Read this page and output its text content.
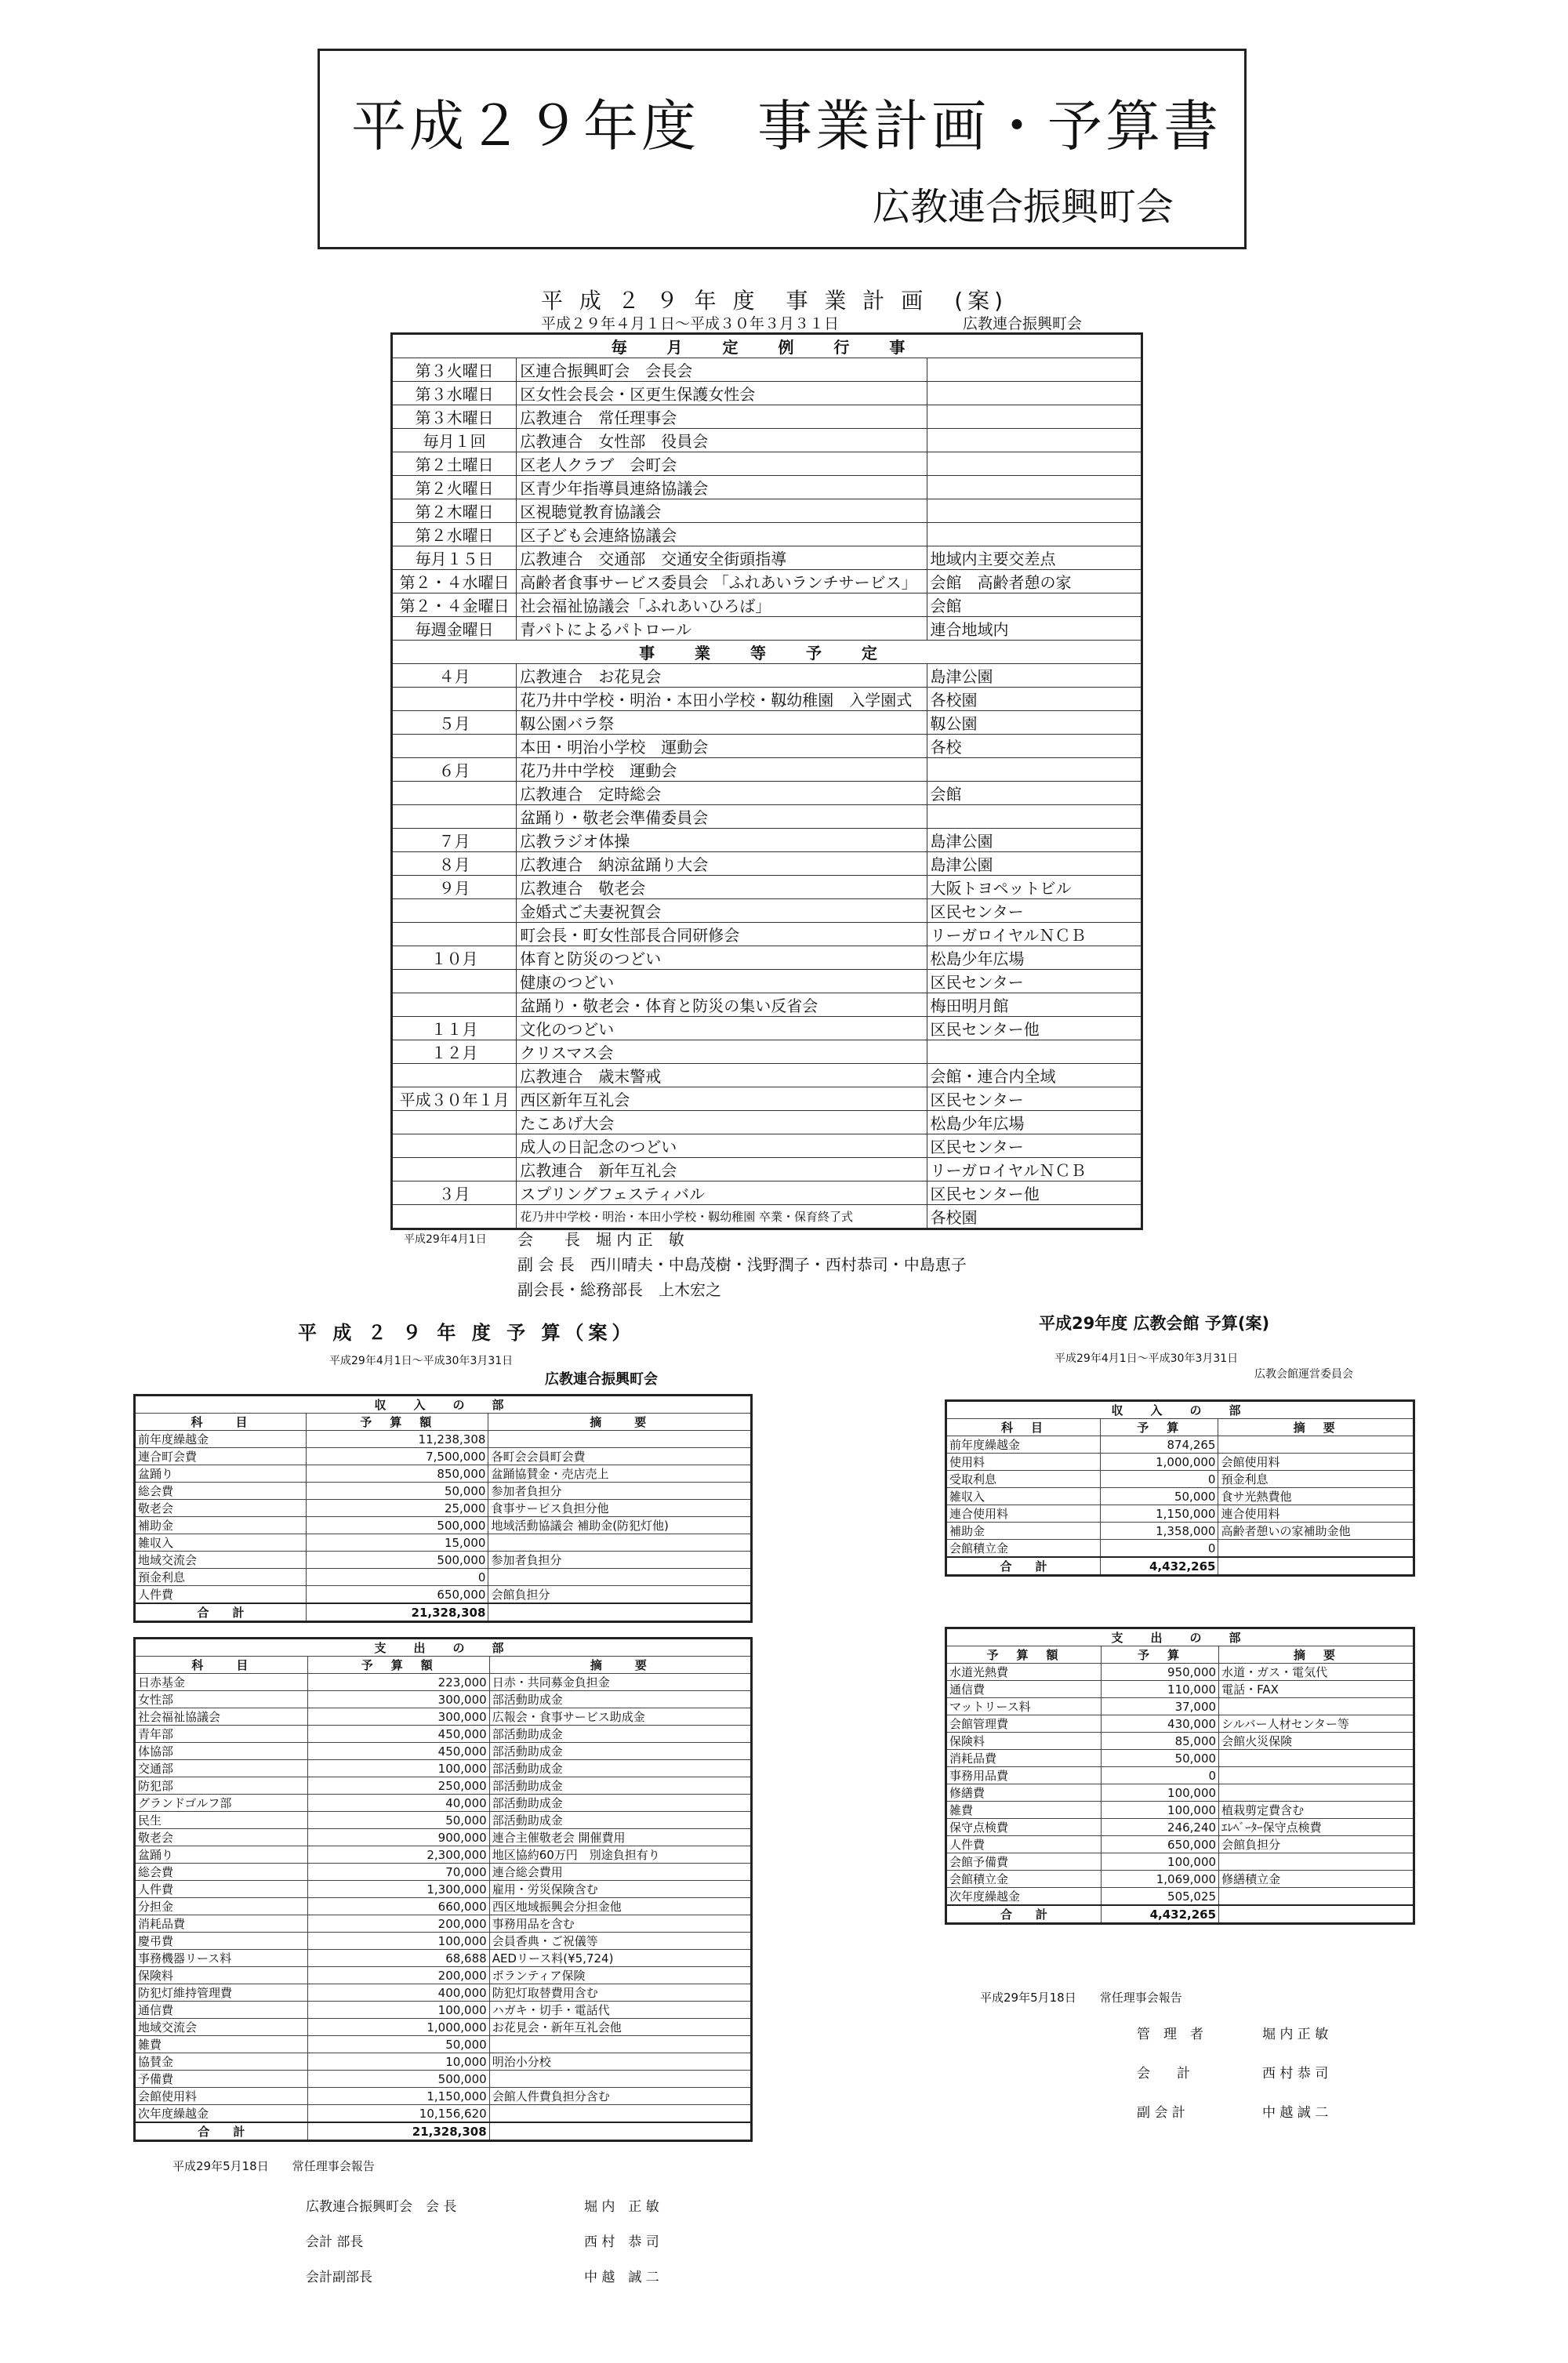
平成２９年度　事業計画・予算書
広教連合振興町会
平 成 ２ ９ 年 度　事 業 計 画　(案)
平成２９年４月１日～平成３０年３月３１日	広教連合振興町会
毎 月 定 例 行 事		
第３火曜日	区連合振興町会　会長会	
第３水曜日	区女性会長会・区更生保護女性会	
第３木曜日	広教連合　常任理事会	
毎月１回	広教連合　女性部　役員会	
第２土曜日	区老人クラブ　会町会	
第２火曜日	区青少年指導員連絡協議会	
第２木曜日	区視聴覚教育協議会	
第２水曜日	区子ども会連絡協議会	
毎月１５日	広教連合　交通部　交通安全街頭指導	地域内主要交差点
第２・４水曜日	高齢者食事サービス委員会 「ふれあいランチサービス」	会館　高齢者憩の家
第２・４金曜日	社会福祉協議会「ふれあいひろば」	会館
毎週金曜日	青パトによるパトロール	連合地域内
事 業 等 予 定		
４月	広教連合　お花見会	島津公園
	花乃井中学校・明治・本田小学校・靱幼稚園　入学園式	各校園
５月	靱公園バラ祭	靱公園
	本田・明治小学校　運動会	各校
６月	花乃井中学校　運動会	
	広教連合　定時総会	会館
	盆踊り・敬老会準備委員会	
７月	広教ラジオ体操	島津公園
８月	広教連合　納涼盆踊り大会	島津公園
９月	広教連合　敬老会	大阪トヨペットビル
	金婚式ご夫妻祝賀会	区民センター
	町会長・町女性部長合同研修会	リーガロイヤルＮＣＢ
１０月	体育と防災のつどい	松島少年広場
	健康のつどい	区民センター
	盆踊り・敬老会・体育と防災の集い反省会	梅田明月館
１１月	文化のつどい	区民センター他
１２月	クリスマス会	
	広教連合　歳末警戒	会館・連合内全域
平成３０年１月	西区新年互礼会	区民センター
	たこあげ大会	松島少年広場
	成人の日記念のつどい	区民センター
	広教連合　新年互礼会	リーガロイヤルＮＣＢ
３月	スプリングフェスティバル	区民センター他
	花乃井中学校・明治・本田小学校・靱幼稚園 卒業・保育終了式	各校園
平成29年4月1日 会　　長　堀 内 正　敏
副 会 長　西川晴夫・中島茂樹・浅野潤子・西村恭司・中島恵子
副会長・総務部長　上木宏之
平 成 ２ ９ 年 度 予 算（案）
平成29年4月1日～平成30年3月31日
広教連合振興町会
収　入　の　部		
科　　目	予　算　額	摘　　要
前年度繰越金	11,238,308	
連合町会費	7,500,000	各町会会員町会費
盆踊り	850,000	盆踊協賛金・売店売上
総会費	50,000	参加者負担分
敬老会	25,000	食事サービス負担分他
補助金	500,000	地域活動協議会 補助金(防犯灯他)
雑収入	15,000	
地域交流会	500,000	参加者負担分
預金利息	0	
人件費	650,000	会館負担分
合　　計	21,328,308	
支　出　の　部		
科　　目	予　算　額	摘　　要
日赤基金	223,000	日赤・共同募金負担金
女性部	300,000	部活動助成金
社会福祉協議会	300,000	広報会・食事サービス助成金
青年部	450,000	部活動助成金
体協部	450,000	部活動助成金
交通部	100,000	部活動助成金
防犯部	250,000	部活動助成金
グランドゴルフ部	40,000	部活動助成金
民生	50,000	部活動助成金
敬老会	900,000	連合主催敬老会 開催費用
盆踊り	2,300,000	地区協約60万円　別途負担有り
総会費	70,000	連合総会費用
人件費	1,300,000	雇用・労災保険含む
分担金	660,000	西区地域振興会分担金他
消耗品費	200,000	事務用品を含む
慶弔費	100,000	会員香典・ご祝儀等
事務機器リース料	68,688	AEDリース料(¥5,724)
保険料	200,000	ボランティア保険
防犯灯維持管理費	400,000	防犯灯取替費用含む
通信費	100,000	ハガキ・切手・電話代
地域交流会	1,000,000	お花見会・新年互礼会他
雑費	50,000	
協賛金	10,000	明治小分校
予備費	500,000	
会館使用料	1,150,000	会館人件費負担分含む
次年度繰越金	10,156,620	
合　　計	21,328,308	
平成29年5月18日　　常任理事会報告
広教連合振興町会　会 長	堀 内　正 敏
会計 部長	西 村　恭 司
会計副部長	中 越　誠 二
平成29年度 広教会館 予算(案)
平成29年4月1日～平成30年3月31日
広教会館運営委員会
収　入　の　部		
科　目	予　算	摘　要
前年度繰越金	874,265	
使用料	1,000,000	会館使用料
受取利息	0	預金利息
雑収入	50,000	食サ光熱費他
連合使用料	1,150,000	連合使用料
補助金	1,358,000	高齢者憩いの家補助金他
会館積立金	0	
合　　計	4,432,265	
支　出　の　部		
予　算　額	予　算	摘　要
水道光熱費	950,000	水道・ガス・電気代
通信費	110,000	電話・FAX
マットリース料	37,000	
会館管理費	430,000	シルバー人材センター等
保険料	85,000	会館火災保険
消耗品費	50,000	
事務用品費	0	
修繕費	100,000	
雑費	100,000	植栽剪定費含む
保守点検費	246,240	ｴﾚﾍﾞｰﾀｰ保守点検費
人件費	650,000	会館負担分
会館予備費	100,000	
会館積立金	1,069,000	修繕積立金
次年度繰越金	505,025	
合　　計	4,432,265	
平成29年5月18日　　常任理事会報告
管　理　者	堀 内 正 敏
会　　計	西 村 恭 司
副 会 計	中 越 誠 二
